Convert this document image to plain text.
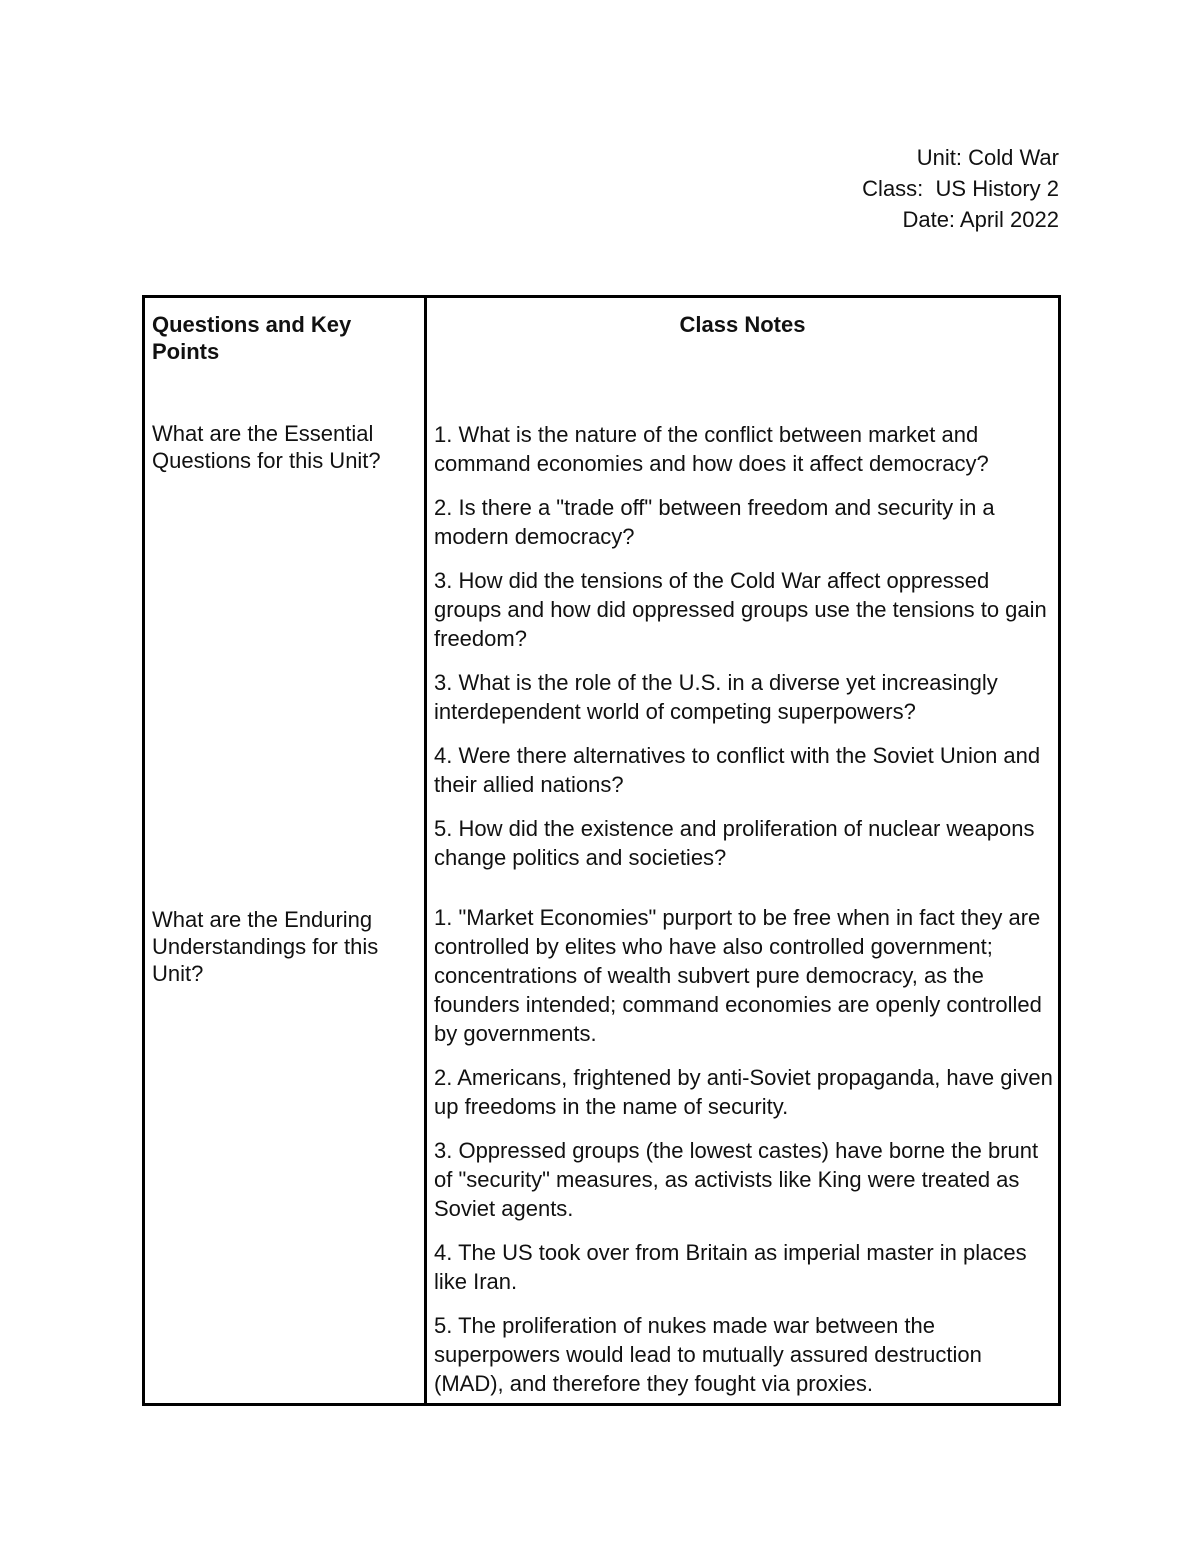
Unit: Cold War
Class:  US History 2
Date: April 2022
Questions and Key Points
What are the Essential Questions for this Unit?
What are the Enduring Understandings for this Unit?
Class Notes
1. What is the nature of the conflict between market and command economies and how does it affect democracy?
2. Is there a "trade off" between freedom and security in a modern democracy?
3. How did the tensions of the Cold War affect oppressed groups and how did oppressed groups use the tensions to gain freedom?
3. What is the role of the U.S. in a diverse yet increasingly interdependent world of competing superpowers?
4. Were there alternatives to conflict with the Soviet Union and their allied nations?
5. How did the existence and proliferation of nuclear weapons change politics and societies?
1. "Market Economies" purport to be free when in fact they are controlled by elites who have also controlled government; concentrations of wealth subvert pure democracy, as the founders intended; command economies are openly controlled by governments.
2. Americans, frightened by anti-Soviet propaganda, have given up freedoms in the name of security.
3. Oppressed groups (the lowest castes) have borne the brunt of "security" measures, as activists like King were treated as Soviet agents.
4. The US took over from Britain as imperial master in places like Iran.
5. The proliferation of nukes made war between the superpowers would lead to mutually assured destruction (MAD), and therefore they fought via proxies.
